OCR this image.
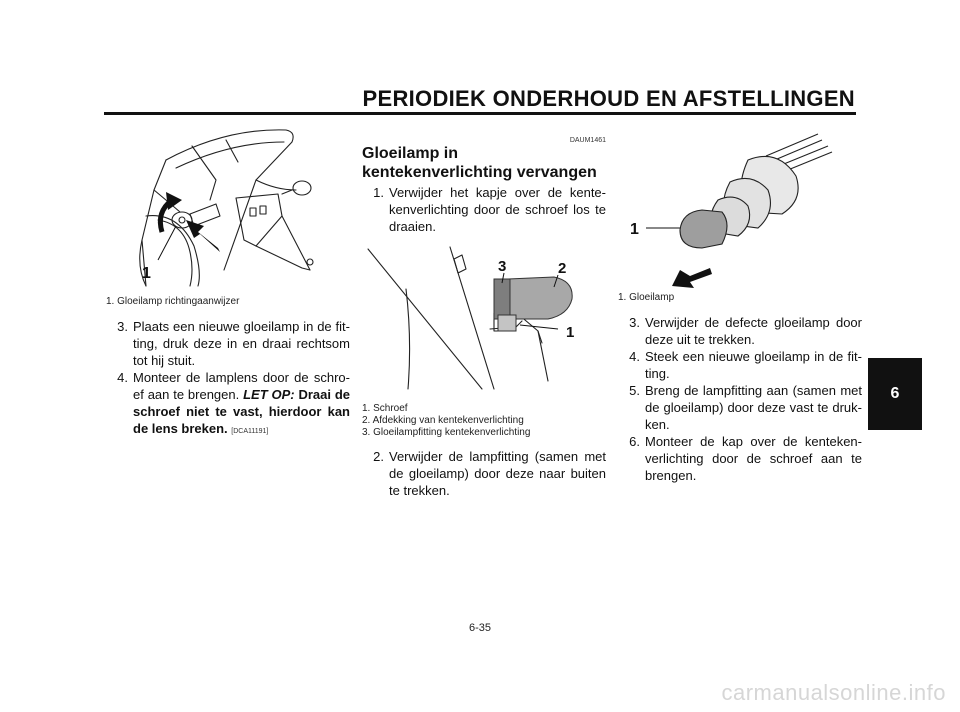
PERIODIEK ONDERHOUD EN AFSTELLINGEN
6
1
1. Gloeilamp richtingaanwijzer
3. Plaats een nieuwe gloeilamp in de fit-ting, druk deze in en draai rechtsom tot hij stuit.
4. Monteer de lamplens door de schro-ef aan te brengen. LET OP: Draai de schroef niet te vast, hierdoor kan de lens breken. [DCA11191]
DAUM1461
Gloeilamp in
kentekenverlichting vervangen
1. Verwijder het kapje over de kente-kenverlichting door de schroef los te draaien.
3	2
1
1. Schroef
2. Afdekking van kentekenverlichting
3. Gloeilampfitting kentekenverlichting
2. Verwijder de lampfitting (samen met de gloeilamp) door deze naar buiten te trekken.
1
1. Gloeilamp
3. Verwijder de defecte gloeilamp door deze uit te trekken.
4. Steek een nieuwe gloeilamp in de fit-ting.
5. Breng de lampfitting aan (samen met de gloeilamp) door deze vast te druk-ken.
6. Monteer de kap over de kenteken-verlichting door de schroef aan te brengen.
6-35
carmanualsonline.info
